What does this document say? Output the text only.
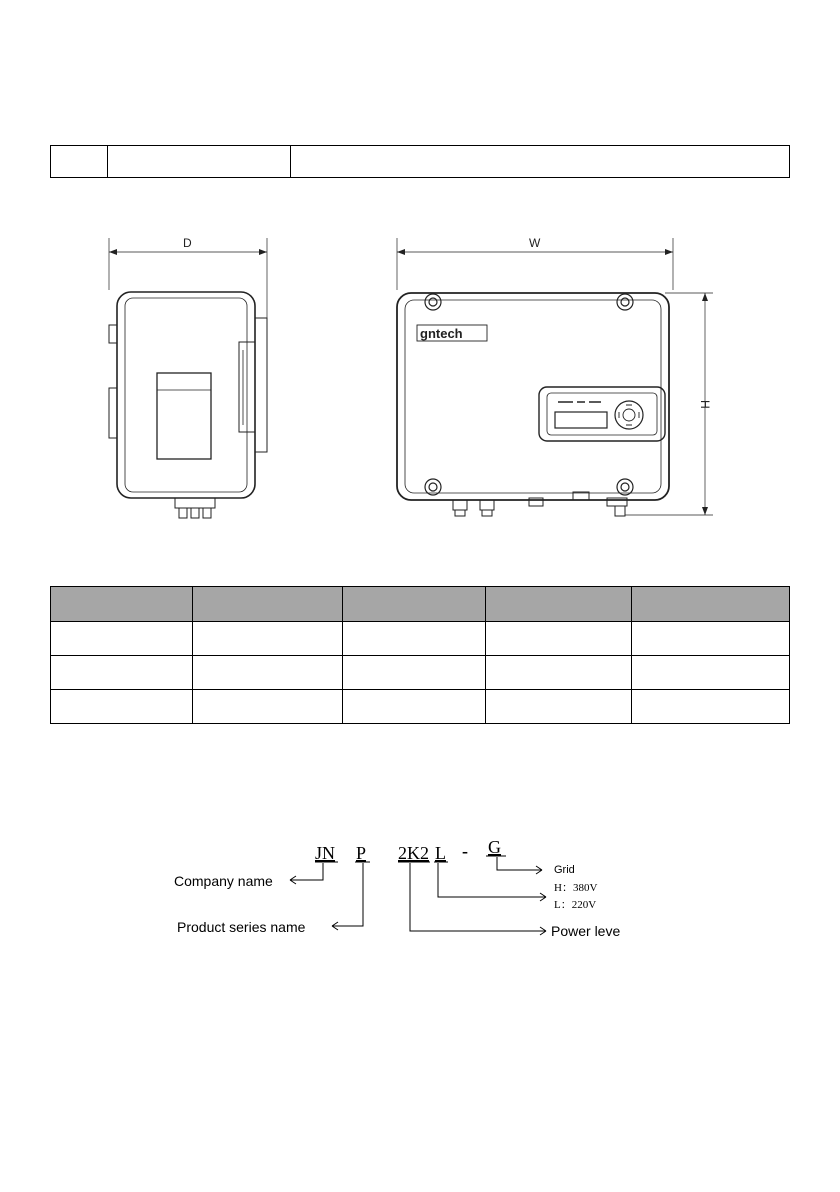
D	W
H
gntech

JN P 2K2 L - G
Company name
Product series name	Power leve
Grid
H：380V
L：220V
